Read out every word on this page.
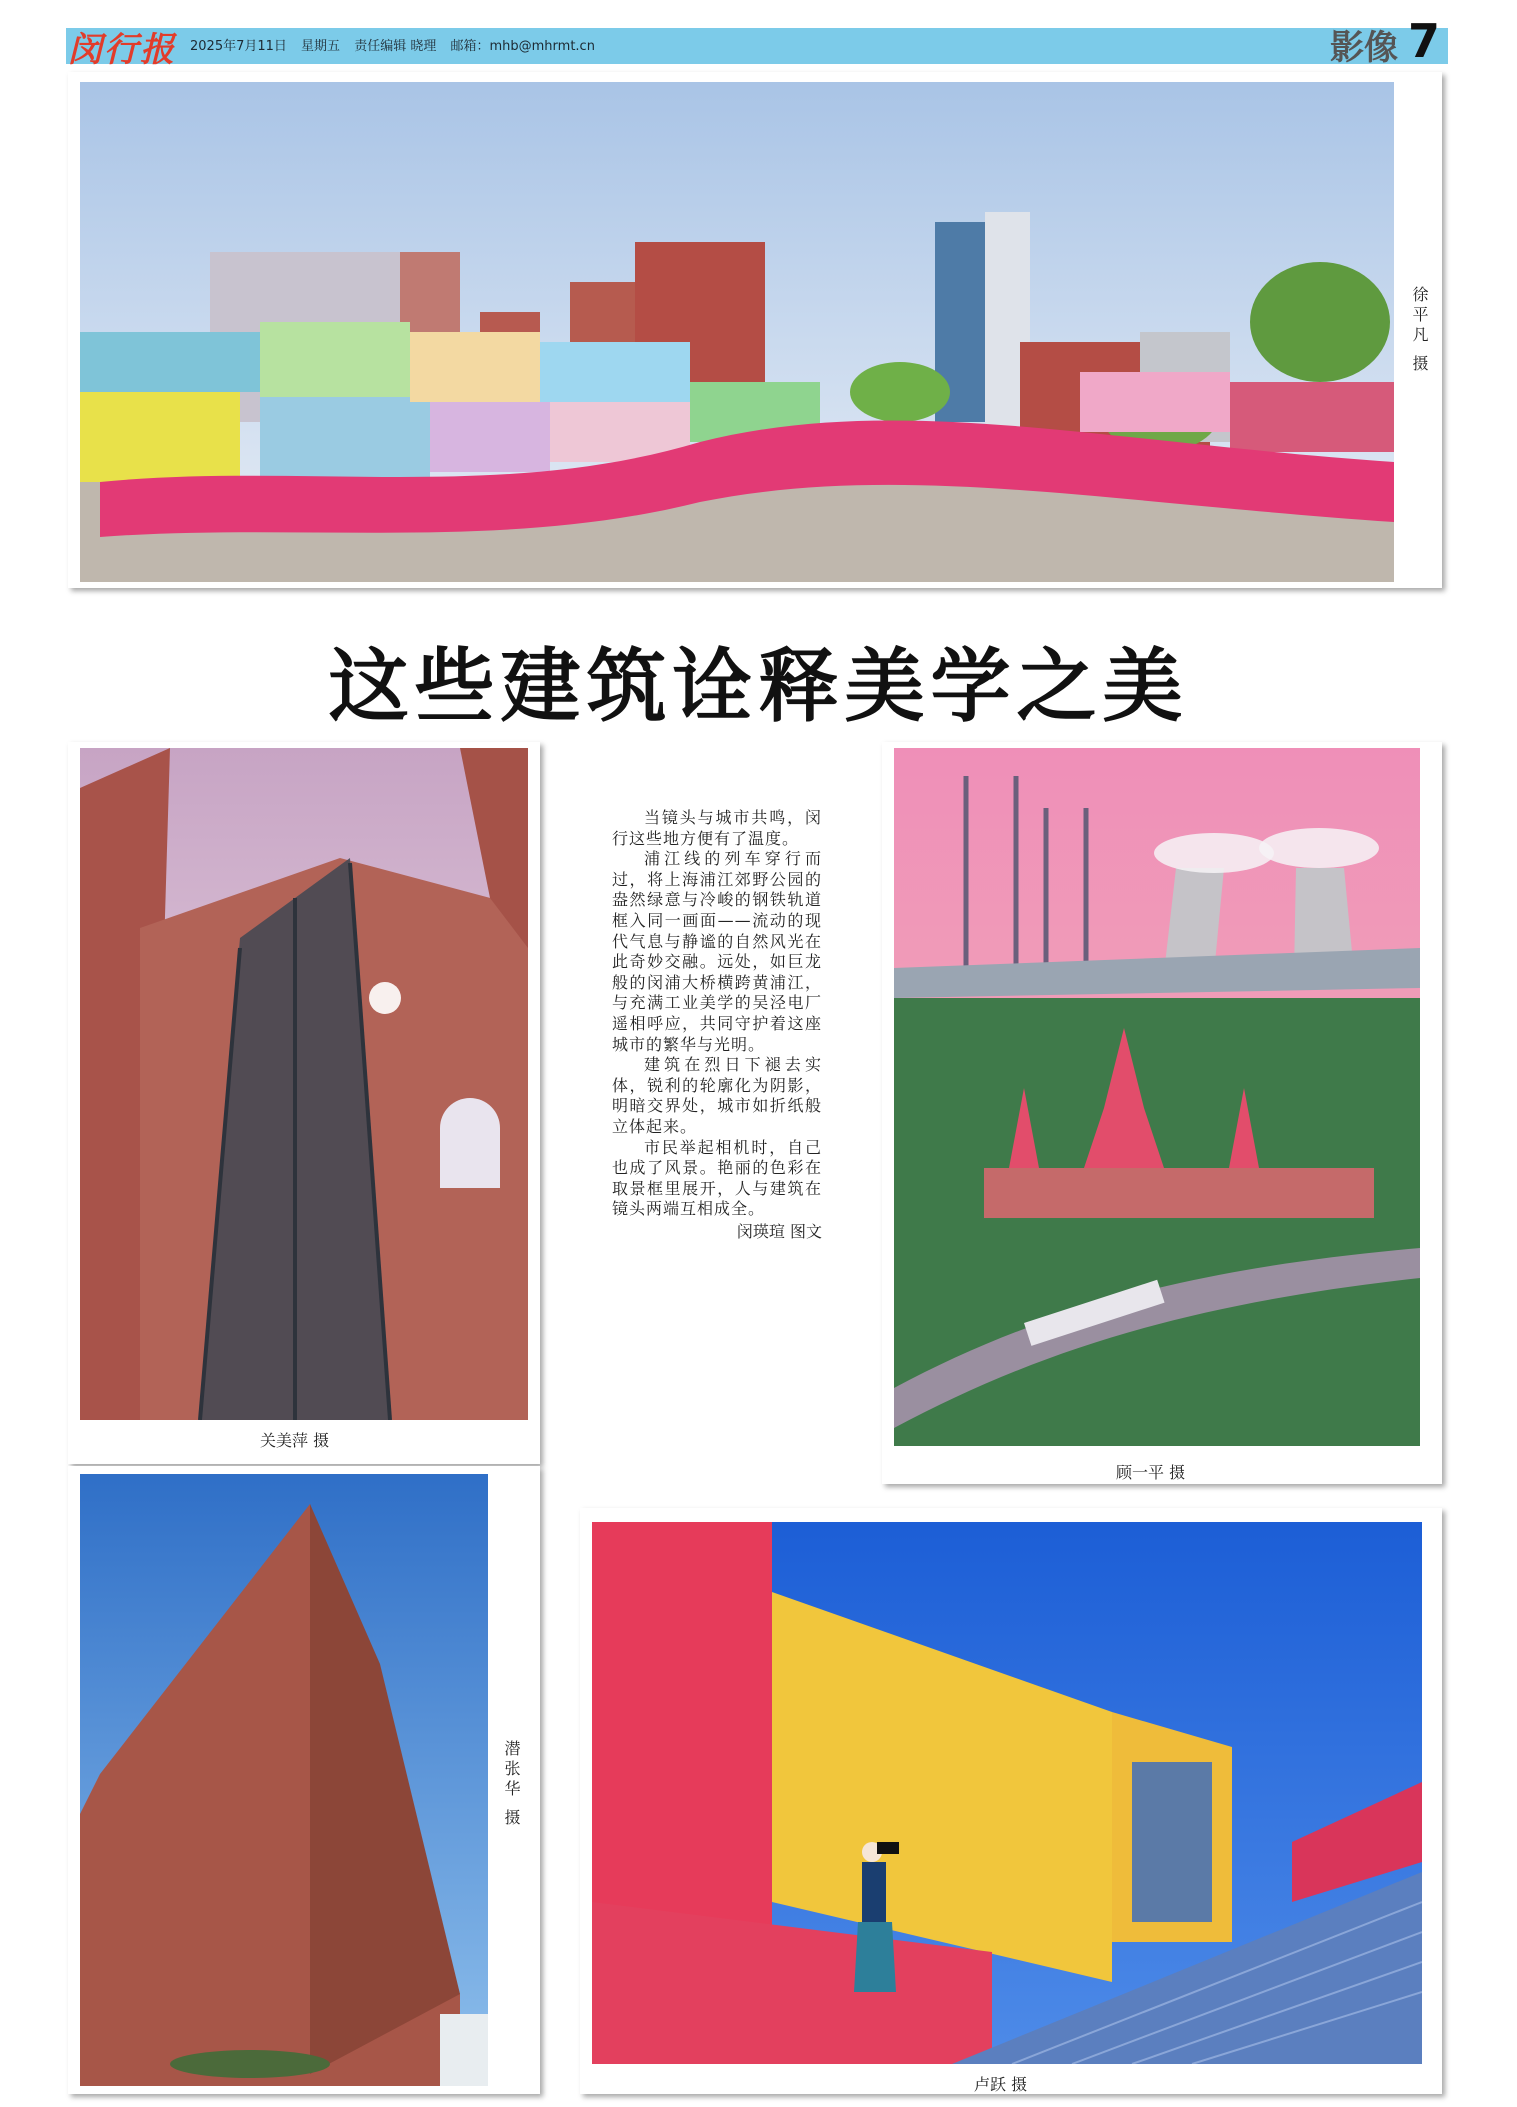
闵行报 2025年7月11日 星期五 责任编辑 晓理 邮箱：mhb@mhrmt.cn	影像 7
徐平凡 摄
这些建筑诠释美学之美
关美萍 摄

当镜头与城市共鸣，闵行这些地方便有了温度。

浦江线的列车穿行而过，将上海浦江郊野公园的盎然绿意与冷峻的钢铁轨道框入同一画面——流动的现代气息与静谧的自然风光在此奇妙交融。远处，如巨龙般的闵浦大桥横跨黄浦江，与充满工业美学的吴泾电厂遥相呼应，共同守护着这座城市的繁华与光明。

建筑在烈日下褪去实体，锐利的轮廓化为阴影，明暗交界处，城市如折纸般立体起来。

市民举起相机时，自己也成了风景。艳丽的色彩在取景框里展开，人与建筑在镜头两端互相成全。

闵瑛瑄 图文
顾一平 摄
潜张华 摄
卢跃 摄
